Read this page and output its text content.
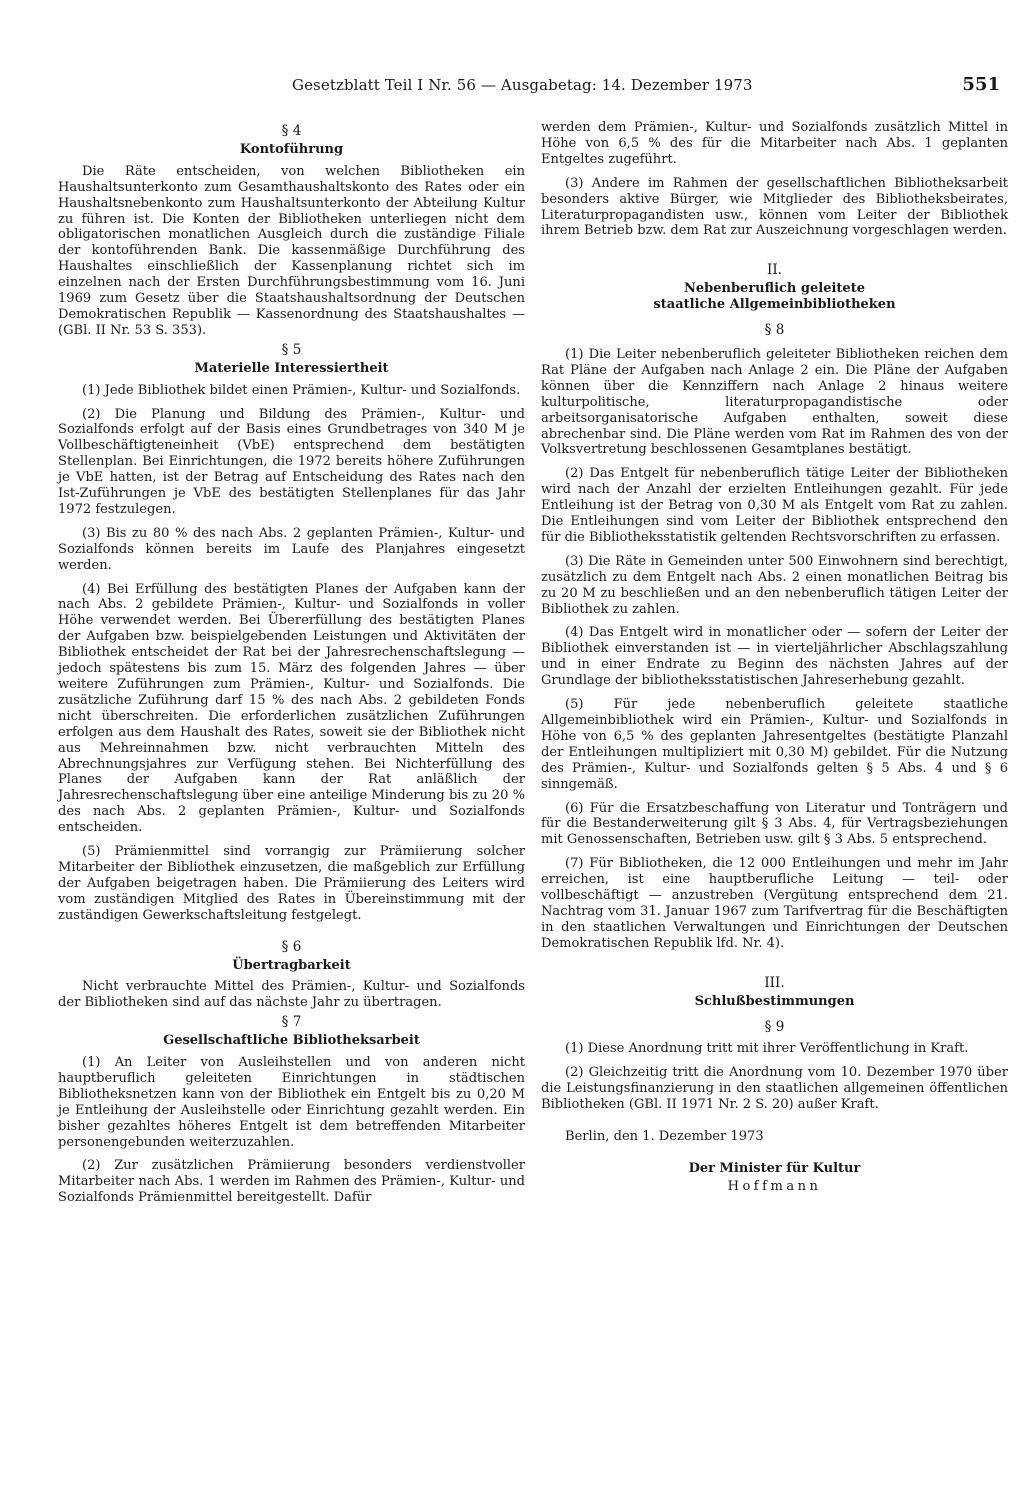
Gesetzblatt Teil I Nr. 56 — Ausgabetag: 14. Dezember 1973	551
§ 4
Kontoführung

Die Räte entscheiden, von welchen Bibliotheken ein Haushaltsunterkonto zum Gesamthaushaltskonto des Rates oder ein Haushaltsnebenkonto zum Haushaltsunterkonto der Abteilung Kultur zu führen ist. Die Konten der Bibliotheken unterliegen nicht dem obligatorischen monatlichen Ausgleich durch die zuständige Filiale der kontoführenden Bank. Die kassenmäßige Durchführung des Haushaltes einschließlich der Kassenplanung richtet sich im einzelnen nach der Ersten Durchführungsbestimmung vom 16. Juni 1969 zum Gesetz über die Staatshaushaltsordnung der Deutschen Demokratischen Republik — Kassenordnung des Staatshaushaltes — (GBl. II Nr. 53 S. 353).

§ 5
Materielle Interessiertheit

(1) Jede Bibliothek bildet einen Prämien-, Kultur- und Sozialfonds.

(2) Die Planung und Bildung des Prämien-, Kultur- und Sozialfonds erfolgt auf der Basis eines Grundbetrages von 340 M je Vollbeschäftigteneinheit (VbE) entsprechend dem bestätigten Stellenplan. Bei Einrichtungen, die 1972 bereits höhere Zuführungen je VbE hatten, ist der Betrag auf Entscheidung des Rates nach den Ist-Zuführungen je VbE des bestätigten Stellenplanes für das Jahr 1972 festzulegen.

(3) Bis zu 80 % des nach Abs. 2 geplanten Prämien-, Kultur- und Sozialfonds können bereits im Laufe des Planjahres eingesetzt werden.

(4) Bei Erfüllung des bestätigten Planes der Aufgaben kann der nach Abs. 2 gebildete Prämien-, Kultur- und Sozialfonds in voller Höhe verwendet werden. Bei Übererfüllung des bestätigten Planes der Aufgaben bzw. beispielgebenden Leistungen und Aktivitäten der Bibliothek entscheidet der Rat bei der Jahresrechenschaftslegung — jedoch spätestens bis zum 15. März des folgenden Jahres — über weitere Zuführungen zum Prämien-, Kultur- und Sozialfonds. Die zusätzliche Zuführung darf 15 % des nach Abs. 2 gebildeten Fonds nicht überschreiten. Die erforderlichen zusätzlichen Zuführungen erfolgen aus dem Haushalt des Rates, soweit sie der Bibliothek nicht aus Mehreinnahmen bzw. nicht verbrauchten Mitteln des Abrechnungsjahres zur Verfügung stehen. Bei Nichterfüllung des Planes der Aufgaben kann der Rat anläßlich der Jahresrechenschaftslegung über eine anteilige Minderung bis zu 20 % des nach Abs. 2 geplanten Prämien-, Kultur- und Sozialfonds entscheiden.

(5) Prämienmittel sind vorrangig zur Prämiierung solcher Mitarbeiter der Bibliothek einzusetzen, die maßgeblich zur Erfüllung der Aufgaben beigetragen haben. Die Prämiierung des Leiters wird vom zuständigen Mitglied des Rates in Übereinstimmung mit der zuständigen Gewerkschaftsleitung festgelegt.

§ 6
Übertragbarkeit

Nicht verbrauchte Mittel des Prämien-, Kultur- und Sozialfonds der Bibliotheken sind auf das nächste Jahr zu übertragen.

§ 7
Gesellschaftliche Bibliotheksarbeit

(1) An Leiter von Ausleihstellen und von anderen nicht hauptberuflich geleiteten Einrichtungen in städtischen Bibliotheksnetzen kann von der Bibliothek ein Entgelt bis zu 0,20 M je Entleihung der Ausleihstelle oder Einrichtung gezahlt werden. Ein bisher gezahltes höheres Entgelt ist dem betreffenden Mitarbeiter personengebunden weiterzuzahlen.

(2) Zur zusätzlichen Prämiierung besonders verdienstvoller Mitarbeiter nach Abs. 1 werden im Rahmen des Prämien-, Kultur- und Sozialfonds Prämienmittel bereitgestellt. Dafür

werden dem Prämien-, Kultur- und Sozialfonds zusätzlich Mittel in Höhe von 6,5 % des für die Mitarbeiter nach Abs. 1 geplanten Entgeltes zugeführt.

(3) Andere im Rahmen der gesellschaftlichen Bibliotheksarbeit besonders aktive Bürger, wie Mitglieder des Bibliotheksbeirates, Literaturpropagandisten usw., können vom Leiter der Bibliothek ihrem Betrieb bzw. dem Rat zur Auszeichnung vorgeschlagen werden.

II.
Nebenberuflich geleitete
staatliche Allgemeinbibliotheken
§ 8

(1) Die Leiter nebenberuflich geleiteter Bibliotheken reichen dem Rat Pläne der Aufgaben nach Anlage 2 ein. Die Pläne der Aufgaben können über die Kennziffern nach Anlage 2 hinaus weitere kulturpolitische, literaturpropagandistische oder arbeitsorganisatorische Aufgaben enthalten, soweit diese abrechenbar sind. Die Pläne werden vom Rat im Rahmen des von der Volksvertretung beschlossenen Gesamtplanes bestätigt.

(2) Das Entgelt für nebenberuflich tätige Leiter der Bibliotheken wird nach der Anzahl der erzielten Entleihungen gezahlt. Für jede Entleihung ist der Betrag von 0,30 M als Entgelt vom Rat zu zahlen. Die Entleihungen sind vom Leiter der Bibliothek entsprechend den für die Bibliotheksstatistik geltenden Rechtsvorschriften zu erfassen.

(3) Die Räte in Gemeinden unter 500 Einwohnern sind berechtigt, zusätzlich zu dem Entgelt nach Abs. 2 einen monatlichen Beitrag bis zu 20 M zu beschließen und an den nebenberuflich tätigen Leiter der Bibliothek zu zahlen.

(4) Das Entgelt wird in monatlicher oder — sofern der Leiter der Bibliothek einverstanden ist — in vierteljährlicher Abschlagszahlung und in einer Endrate zu Beginn des nächsten Jahres auf der Grundlage der bibliotheksstatistischen Jahreserhebung gezahlt.

(5) Für jede nebenberuflich geleitete staatliche Allgemeinbibliothek wird ein Prämien-, Kultur- und Sozialfonds in Höhe von 6,5 % des geplanten Jahresentgeltes (bestätigte Planzahl der Entleihungen multipliziert mit 0,30 M) gebildet. Für die Nutzung des Prämien-, Kultur- und Sozialfonds gelten § 5 Abs. 4 und § 6 sinngemäß.

(6) Für die Ersatzbeschaffung von Literatur und Tonträgern und für die Bestanderweiterung gilt § 3 Abs. 4, für Vertragsbeziehungen mit Genossenschaften, Betrieben usw. gilt § 3 Abs. 5 entsprechend.

(7) Für Bibliotheken, die 12 000 Entleihungen und mehr im Jahr erreichen, ist eine hauptberufliche Leitung — teil- oder vollbeschäftigt — anzustreben (Vergütung entsprechend dem 21. Nachtrag vom 31. Januar 1967 zum Tarifvertrag für die Beschäftigten in den staatlichen Verwaltungen und Einrichtungen der Deutschen Demokratischen Republik lfd. Nr. 4).

III.
Schlußbestimmungen
§ 9

(1) Diese Anordnung tritt mit ihrer Veröffentlichung in Kraft.

(2) Gleichzeitig tritt die Anordnung vom 10. Dezember 1970 über die Leistungsfinanzierung in den staatlichen allgemeinen öffentlichen Bibliotheken (GBl. II 1971 Nr. 2 S. 20) außer Kraft.

Berlin, den 1. Dezember 1973
Der Minister für Kultur
Hoffmann
